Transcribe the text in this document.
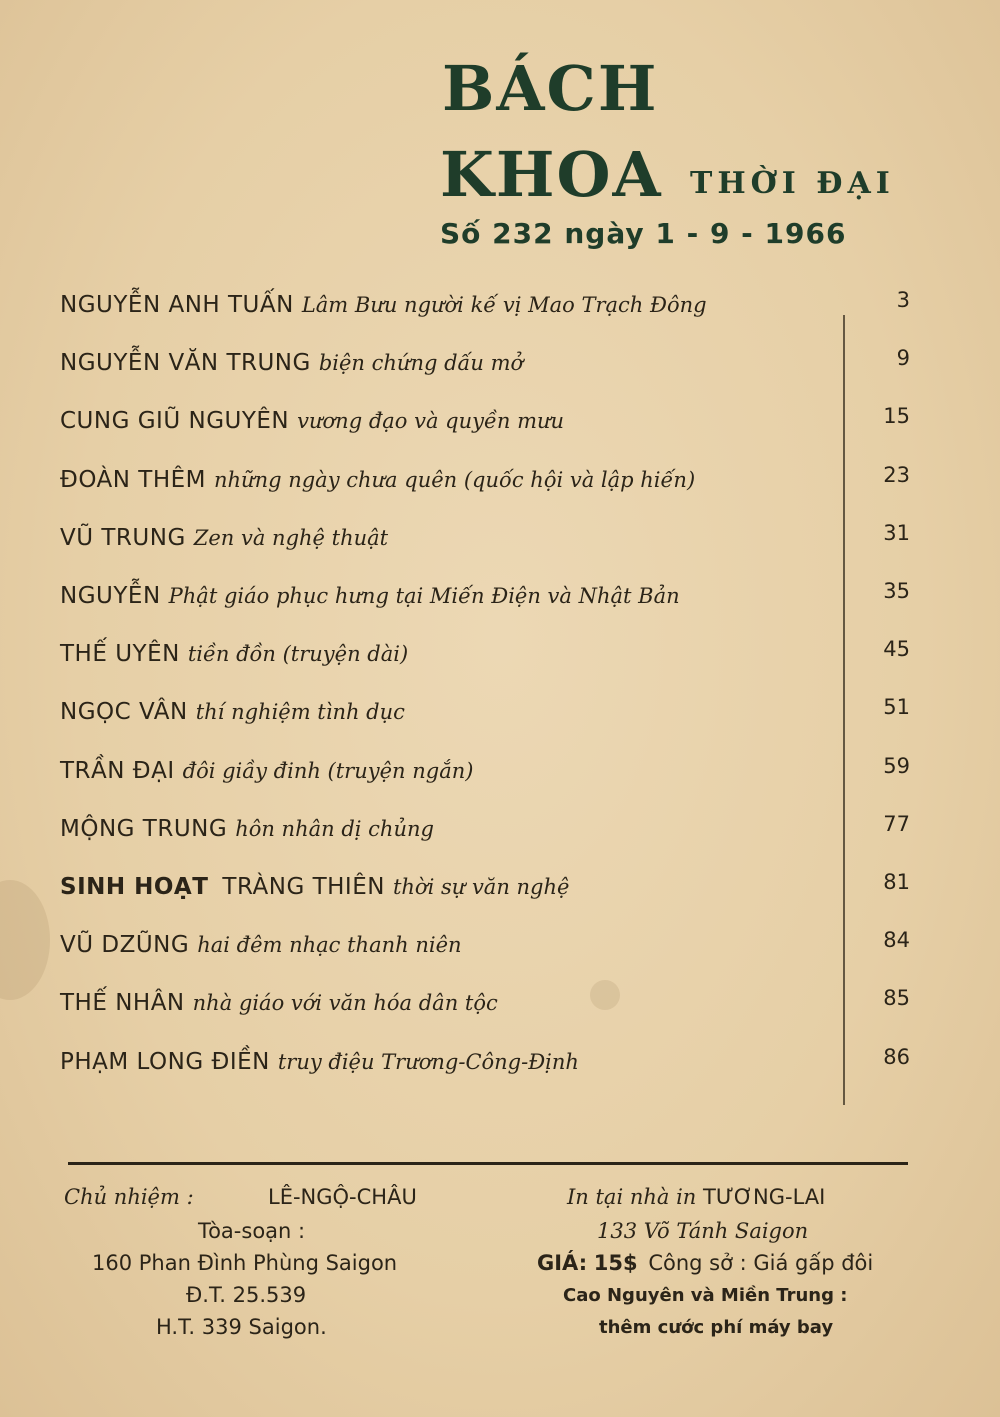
BÁCH
KHOA THỜI ĐẠI
Số 232 ngày 1 - 9 - 1966
NGUYỄN ANH TUẤN Lâm Bưu người kế vị Mao Trạch Đông	3
NGUYỄN VĂN TRUNG biện chứng dấu mở	9
CUNG GIŨ NGUYÊN vương đạo và quyền mưu	15
ĐOÀN THÊM những ngày chưa quên (quốc hội và lập hiến)	23
VŨ TRUNG Zen và nghệ thuật	31
NGUYỄN Phật giáo phục hưng tại Miến Điện và Nhật Bản	35
THẾ UYÊN tiền đồn (truyện dài)	45
NGỌC VÂN thí nghiệm tình dục	51
TRẦN ĐẠI đôi giầy đinh (truyện ngắn)	59
MỘNG TRUNG hôn nhân dị chủng	77
SINH HOẠT TRÀNG THIÊN thời sự văn nghệ	81
VŨ DZŨNG hai đêm nhạc thanh niên	84
THẾ NHÂN nhà giáo với văn hóa dân tộc	85
PHẠM LONG ĐIỀN truy điệu Trương-Công-Định	86
Chủ nhiệm :	LÊ-NGỘ-CHÂU
Tòa-soạn :
160 Phan Đình Phùng Saigon
Đ.T. 25.539
H.T. 339 Saigon.
In tại nhà in TƯƠNG-LAI
133 Võ Tánh Saigon
GIÁ: 15$ Công sở : Giá gấp đôi
Cao Nguyên và Miền Trung :
thêm cước phí máy bay
